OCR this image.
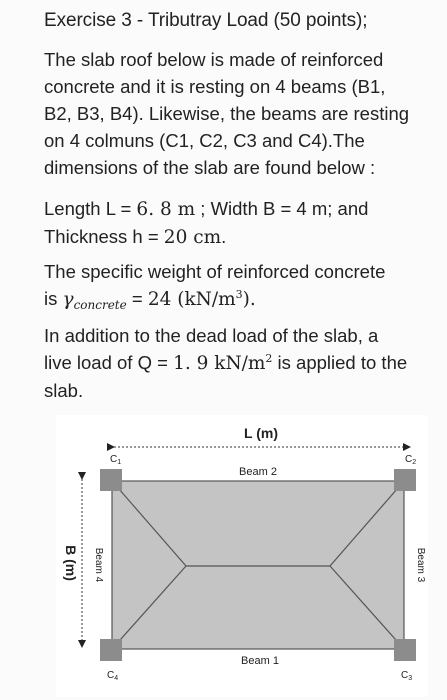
Exercise 3 - Tributray Load (50 points);
The slab roof below is made of reinforced
concrete and it is resting on 4 beams (B1,
B2, B3, B4). Likewise, the beams are resting
on 4 colmuns (C1, C2, C3 and C4).The
dimensions of the slab are found below :
Length L = 6. 8 m ; Width B = 4 m; and
Thickness h = 20 cm.
The specific weight of reinforced concrete
is $\gamma_{concrete} = 24$ $(kN/m^3)$.
In addition to the dead load of the slab, a
live load of Q = 1. 9 $kN/m^2$ is applied to the
slab.
L (m)
B (m)
Beam 2
Beam 1
Beam 4	Beam 3
$C_1$	$C_2$
$C_4$	$C_3$
